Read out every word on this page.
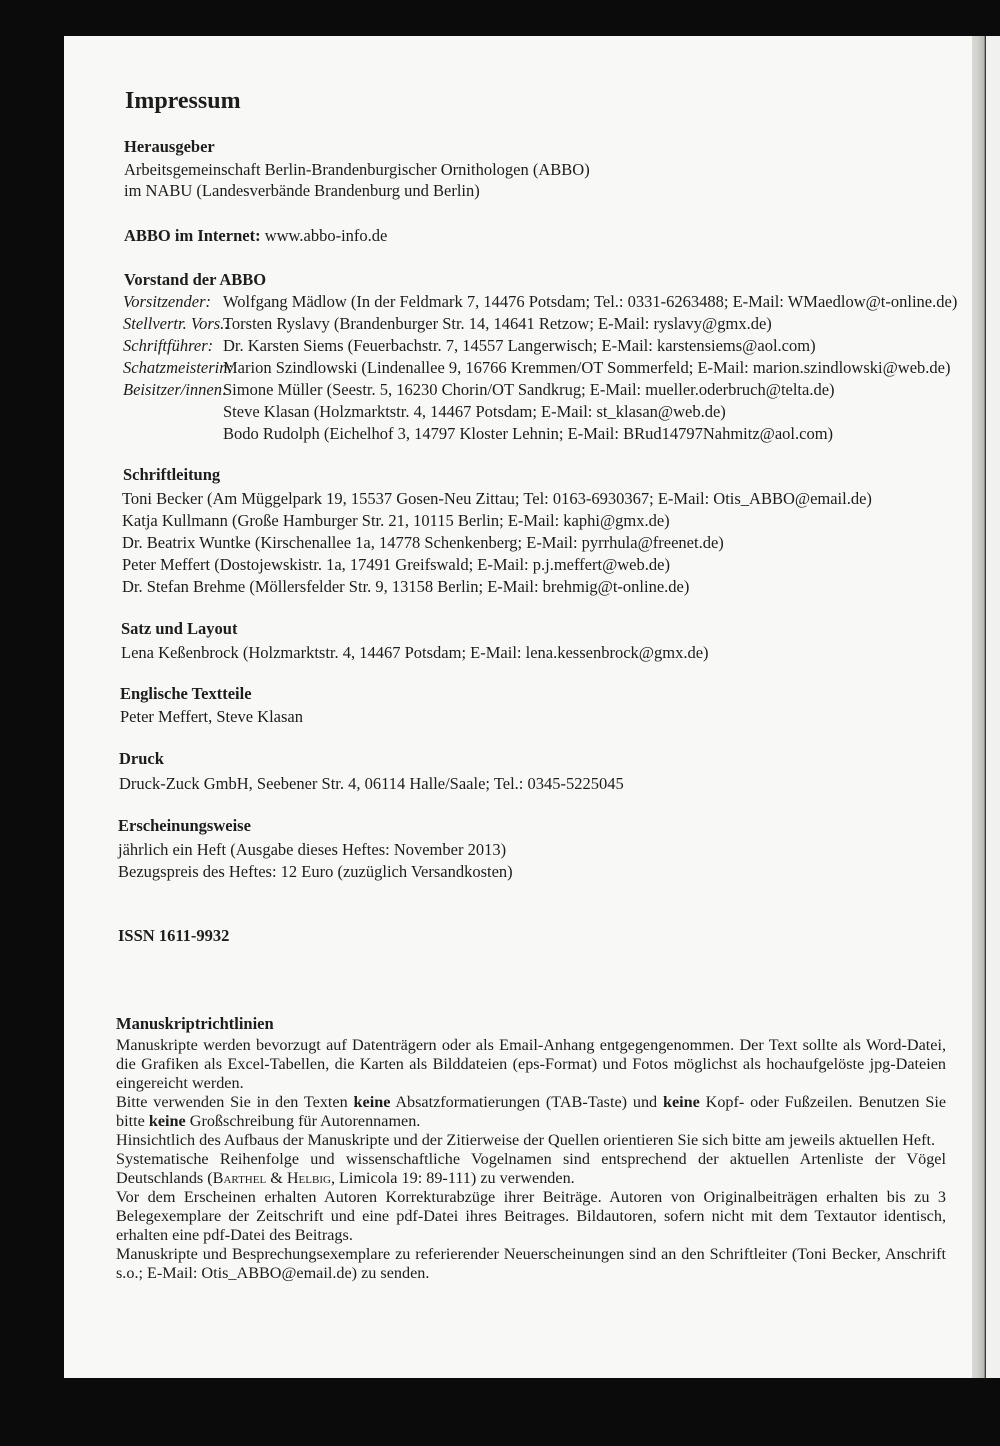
Impressum
Herausgeber
Arbeitsgemeinschaft Berlin-Brandenburgischer Ornithologen (ABBO)
im NABU (Landesverbände Brandenburg und Berlin)
ABBO im Internet: www.abbo-info.de
Vorstand der ABBO
Vorsitzender: Wolfgang Mädlow (In der Feldmark 7, 14476 Potsdam; Tel.: 0331-6263488; E-Mail: WMaedlow@t-online.de)
Stellvertr. Vors.:Torsten Ryslavy (Brandenburger Str. 14, 14641 Retzow; E-Mail: ryslavy@gmx.de)
Schriftführer: Dr. Karsten Siems (Feuerbachstr. 7, 14557 Langerwisch; E-Mail: karstensiems@aol.com)
Schatzmeisterin:Marion Szindlowski (Lindenallee 9, 16766 Kremmen/OT Sommerfeld; E-Mail: marion.szindlowski@web.de)
Beisitzer/innen:Simone Müller (Seestr. 5, 16230 Chorin/OT Sandkrug; E-Mail: mueller.oderbruch@telta.de)
Steve Klasan (Holzmarktstr. 4, 14467 Potsdam; E-Mail: st_klasan@web.de)
Bodo Rudolph (Eichelhof 3, 14797 Kloster Lehnin; E-Mail: BRud14797Nahmitz@aol.com)
Schriftleitung
Toni Becker (Am Müggelpark 19, 15537 Gosen-Neu Zittau; Tel: 0163-6930367; E-Mail: Otis_ABBO@email.de)
Katja Kullmann (Große Hamburger Str. 21, 10115 Berlin; E-Mail: kaphi@gmx.de)
Dr. Beatrix Wuntke (Kirschenallee 1a, 14778 Schenkenberg; E-Mail: pyrrhula@freenet.de)
Peter Meffert (Dostojewskistr. 1a, 17491 Greifswald; E-Mail: p.j.meffert@web.de)
Dr. Stefan Brehme (Möllersfelder Str. 9, 13158 Berlin; E-Mail: brehmig@t-online.de)
Satz und Layout
Lena Keßenbrock (Holzmarktstr. 4, 14467 Potsdam; E-Mail: lena.kessenbrock@gmx.de)
Englische Textteile
Peter Meffert, Steve Klasan
Druck
Druck-Zuck GmbH, Seebener Str. 4, 06114 Halle/Saale; Tel.: 0345-5225045
Erscheinungsweise
jährlich ein Heft (Ausgabe dieses Heftes: November 2013)
Bezugspreis des Heftes: 12 Euro (zuzüglich Versandkosten)
ISSN 1611-9932
Manuskriptrichtlinien

Manuskripte werden bevorzugt auf Datenträgern oder als Email-Anhang entgegengenommen. Der Text sollte als Word-Datei, die Grafiken als Excel-Tabellen, die Karten als Bilddateien (eps-Format) und Fotos möglichst als hochaufgelöste jpg-Dateien eingereicht werden.

Bitte verwenden Sie in den Texten keine Absatzformatierungen (TAB-Taste) und keine Kopf- oder Fußzeilen. Benutzen Sie bitte keine Großschreibung für Autorennamen.

Hinsichtlich des Aufbaus der Manuskripte und der Zitierweise der Quellen orientieren Sie sich bitte am jeweils aktuellen Heft.

Systematische Reihenfolge und wissenschaftliche Vogelnamen sind entsprechend der aktuellen Artenliste der Vögel Deutschlands (Barthel & Helbig, Limicola 19: 89-111) zu verwenden.

Vor dem Erscheinen erhalten Autoren Korrekturabzüge ihrer Beiträge. Autoren von Originalbeiträgen erhalten bis zu 3 Belegexemplare der Zeitschrift und eine pdf-Datei ihres Beitrages. Bildautoren, sofern nicht mit dem Textautor identisch, erhalten eine pdf-Datei des Beitrags.

Manuskripte und Besprechungsexemplare zu referierender Neuerscheinungen sind an den Schriftleiter (Toni Becker, Anschrift s.o.; E-Mail: Otis_ABBO@email.de) zu senden.
